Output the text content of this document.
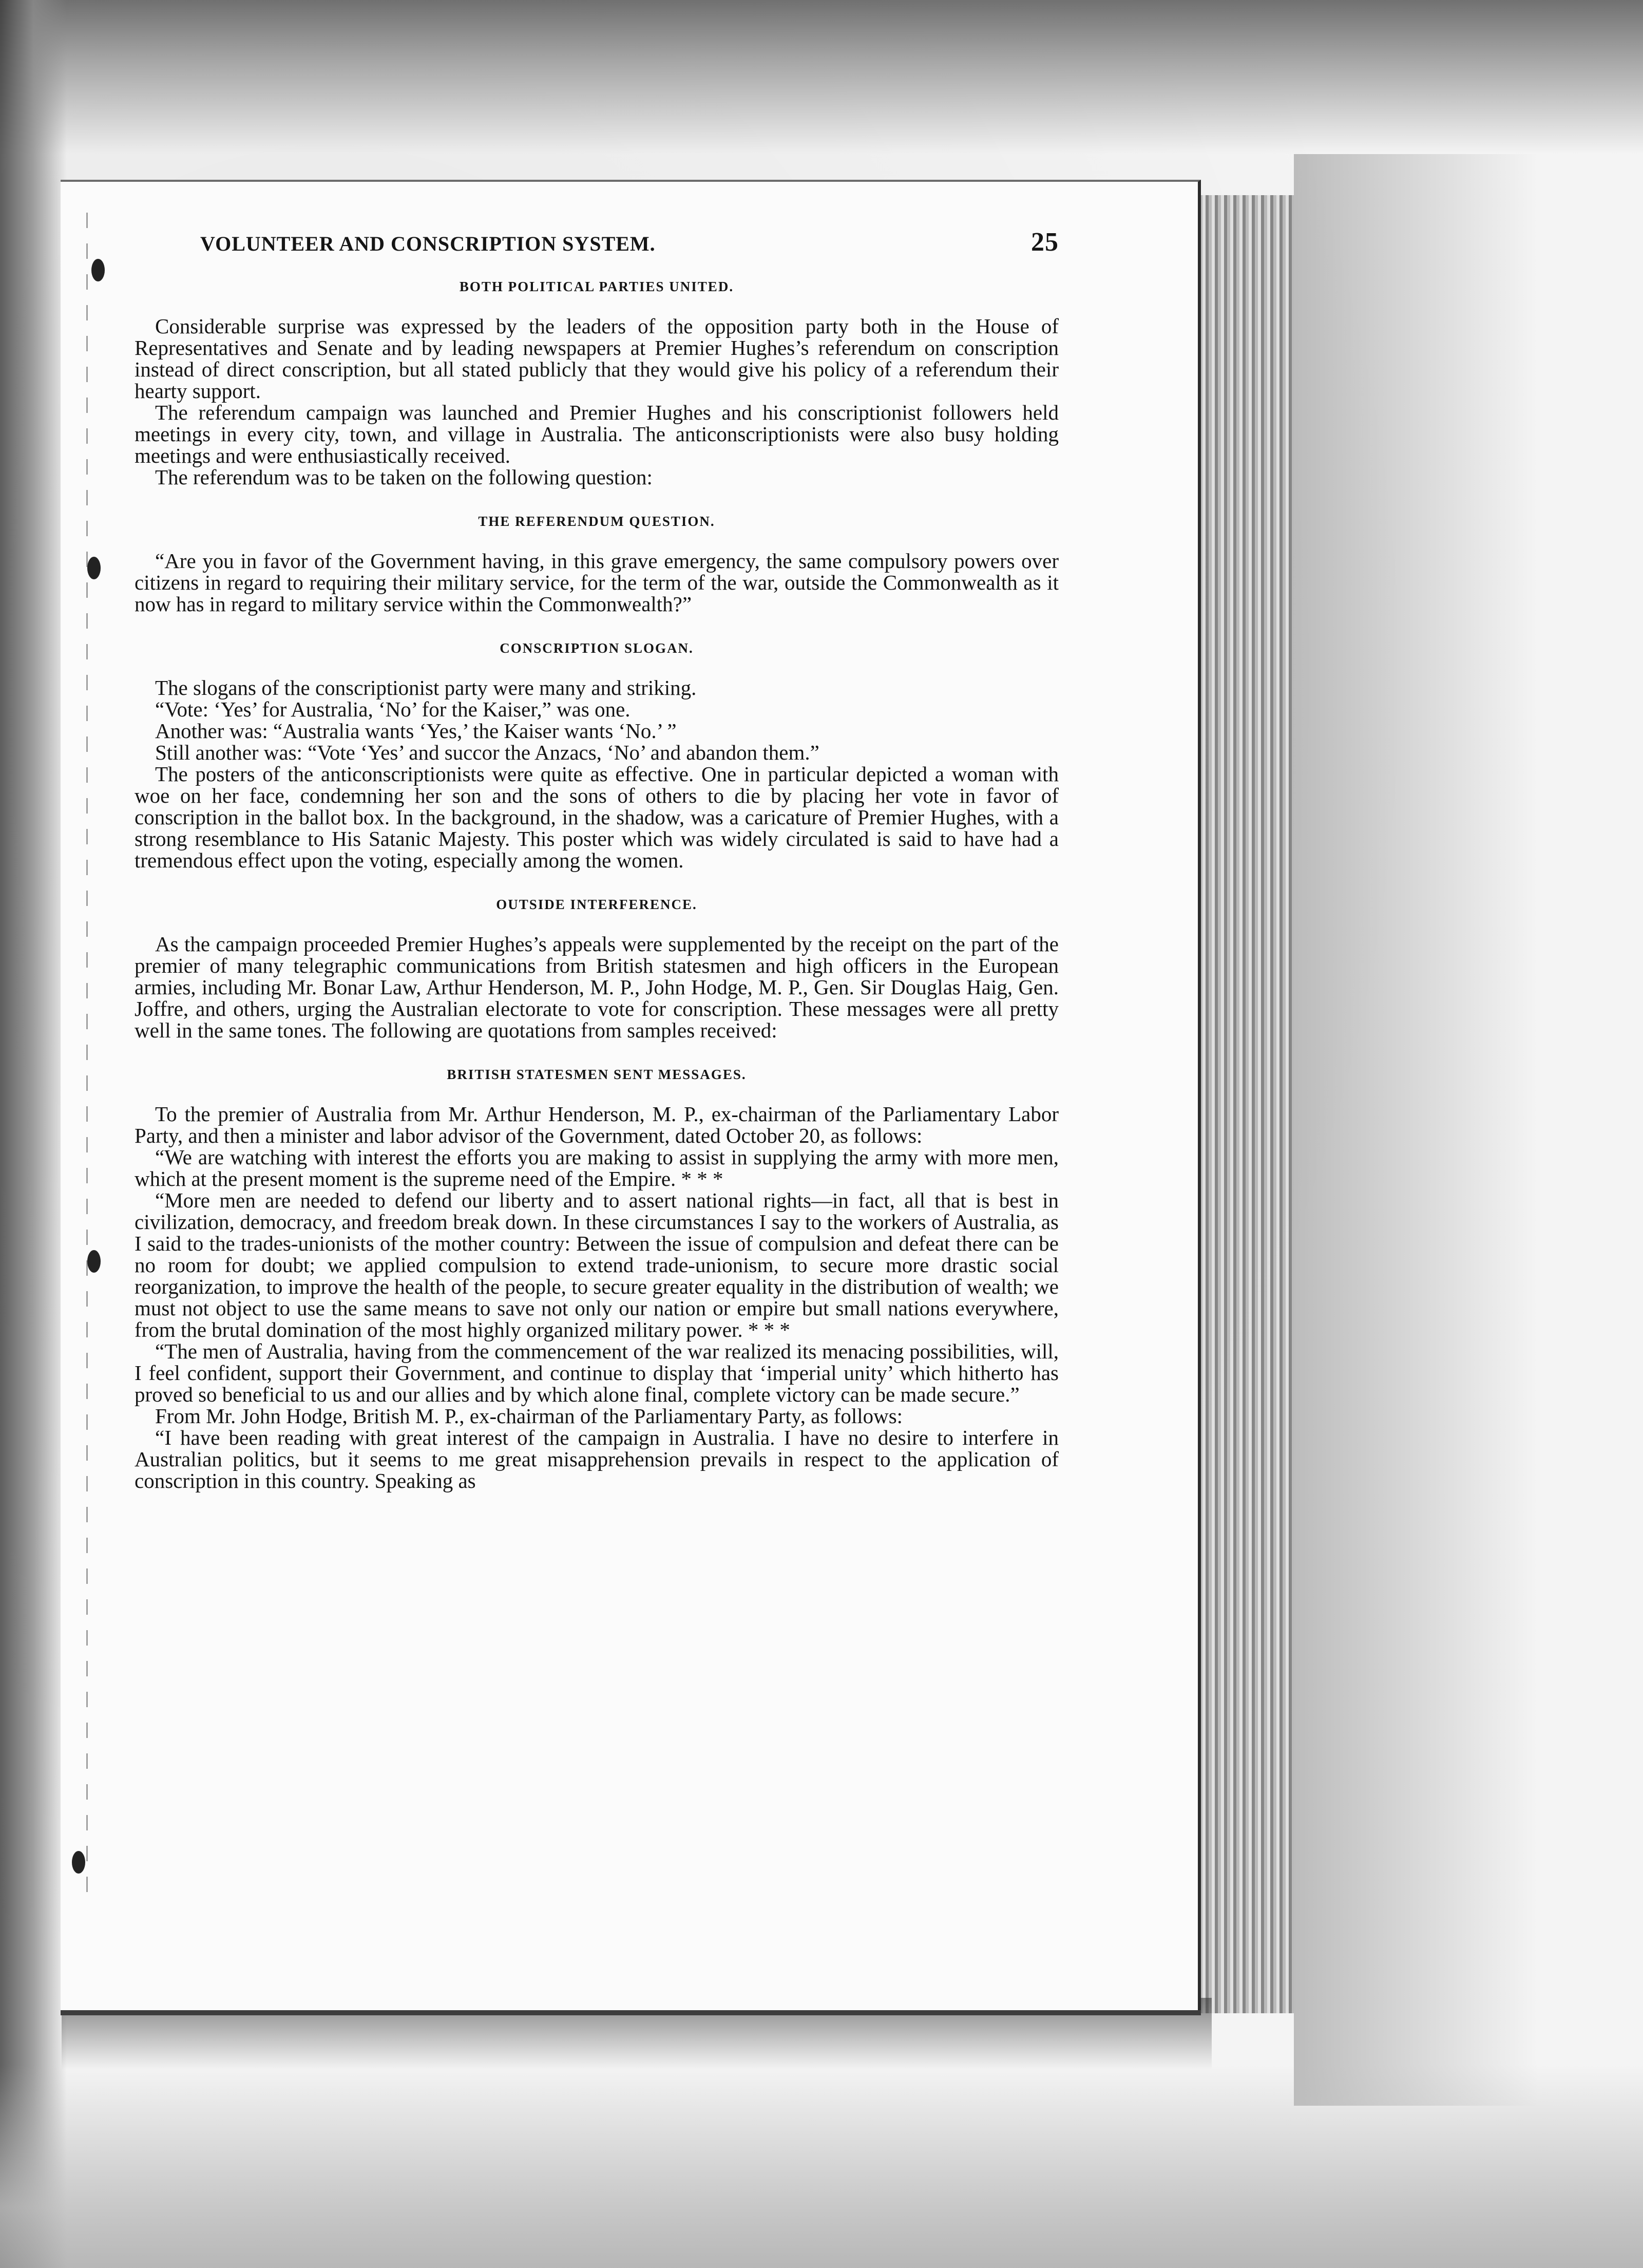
VOLUNTEER AND CONSCRIPTION SYSTEM.	25
BOTH POLITICAL PARTIES UNITED.

Considerable surprise was expressed by the leaders of the opposition party both in the House of Representatives and Senate and by leading newspapers at Premier Hughes’s referendum on conscription instead of direct conscription, but all stated publicly that they would give his policy of a referendum their hearty support.

The referendum campaign was launched and Premier Hughes and his conscriptionist followers held meetings in every city, town, and village in Australia. The anticonscriptionists were also busy holding meetings and were enthusiastically received.

The referendum was to be taken on the following question:

THE REFERENDUM QUESTION.

“Are you in favor of the Government having, in this grave emergency, the same compulsory powers over citizens in regard to requiring their military service, for the term of the war, outside the Commonwealth as it now has in regard to military service within the Commonwealth?”

CONSCRIPTION SLOGAN.

The slogans of the conscriptionist party were many and striking.

“Vote: ‘Yes’ for Australia, ‘No’ for the Kaiser,” was one.

Another was: “Australia wants ‘Yes,’ the Kaiser wants ‘No.’ ”

Still another was: “Vote ‘Yes’ and succor the Anzacs, ‘No’ and abandon them.”

The posters of the anticonscriptionists were quite as effective. One in particular depicted a woman with woe on her face, condemning her son and the sons of others to die by placing her vote in favor of conscription in the ballot box. In the background, in the shadow, was a caricature of Premier Hughes, with a strong resemblance to His Satanic Majesty. This poster which was widely circulated is said to have had a tremendous effect upon the voting, especially among the women.

OUTSIDE INTERFERENCE.

As the campaign proceeded Premier Hughes’s appeals were supplemented by the receipt on the part of the premier of many telegraphic communications from British statesmen and high officers in the European armies, including Mr. Bonar Law, Arthur Henderson, M. P., John Hodge, M. P., Gen. Sir Douglas Haig, Gen. Joffre, and others, urging the Australian electorate to vote for conscription. These messages were all pretty well in the same tones. The following are quotations from samples received:

BRITISH STATESMEN SENT MESSAGES.

To the premier of Australia from Mr. Arthur Henderson, M. P., ex-chairman of the Parliamentary Labor Party, and then a minister and labor advisor of the Government, dated October 20, as follows:

“We are watching with interest the efforts you are making to assist in supplying the army with more men, which at the present moment is the supreme need of the Empire. * * *

“More men are needed to defend our liberty and to assert national rights—in fact, all that is best in civilization, democracy, and freedom break down. In these circumstances I say to the workers of Australia, as I said to the trades-unionists of the mother country: Between the issue of compulsion and defeat there can be no room for doubt; we applied compulsion to extend trade-unionism, to secure more drastic social reorganization, to improve the health of the people, to secure greater equality in the distribution of wealth; we must not object to use the same means to save not only our nation or empire but small nations everywhere, from the brutal domination of the most highly organized military power. * * *

“The men of Australia, having from the commencement of the war realized its menacing possibilities, will, I feel confident, support their Government, and continue to display that ‘imperial unity’ which hitherto has proved so beneficial to us and our allies and by which alone final, complete victory can be made secure.”

From Mr. John Hodge, British M. P., ex-chairman of the Parliamentary Party, as follows:

“I have been reading with great interest of the campaign in Australia. I have no desire to interfere in Australian politics, but it seems to me great misapprehension prevails in respect to the application of conscription in this country. Speaking as
